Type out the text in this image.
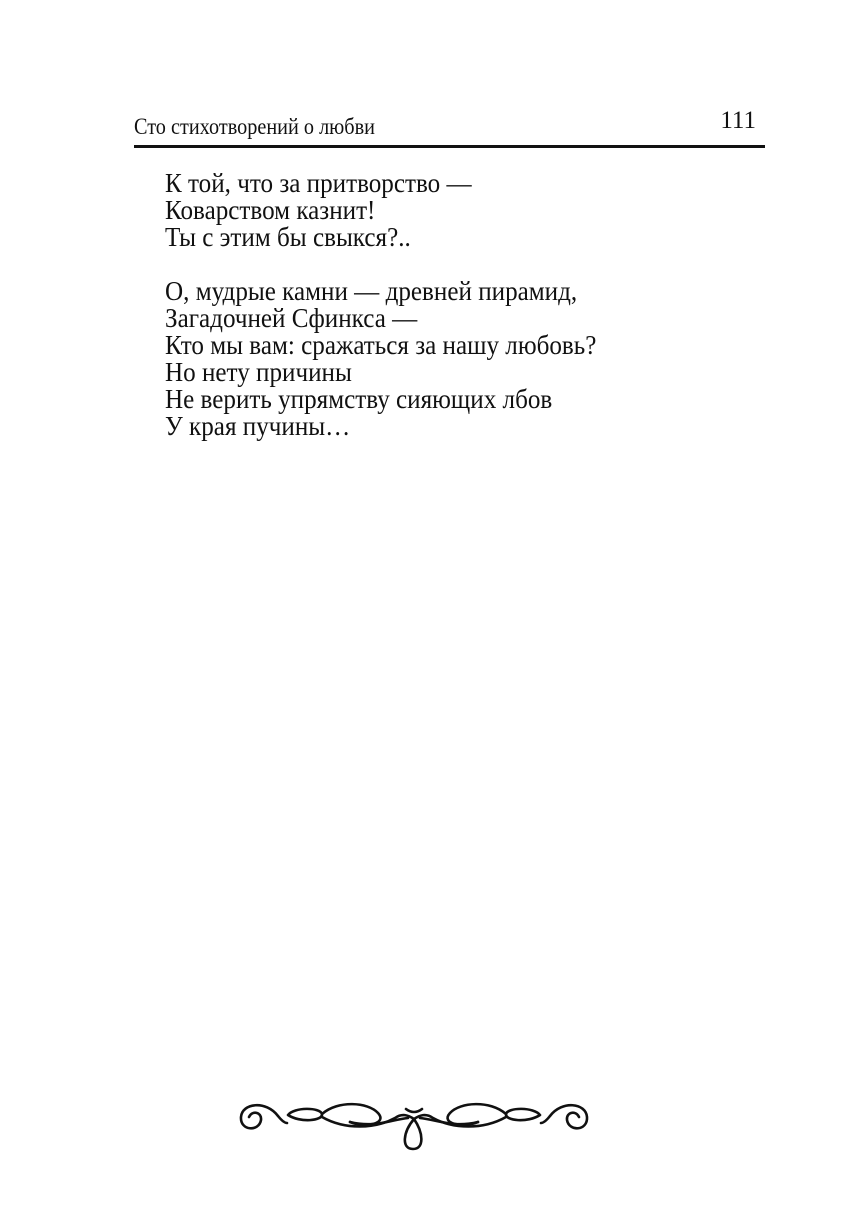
Сто стихотворений о любви	111
К той, что за притворство —
Коварством казнит!
Ты с этим бы свыкся?..
О, мудрые камни — древней пирамид,
Загадочней Сфинкса —
Кто мы вам: сражаться за нашу любовь?
Но нету причины
Не верить упрямству сияющих лбов
У края пучины…
